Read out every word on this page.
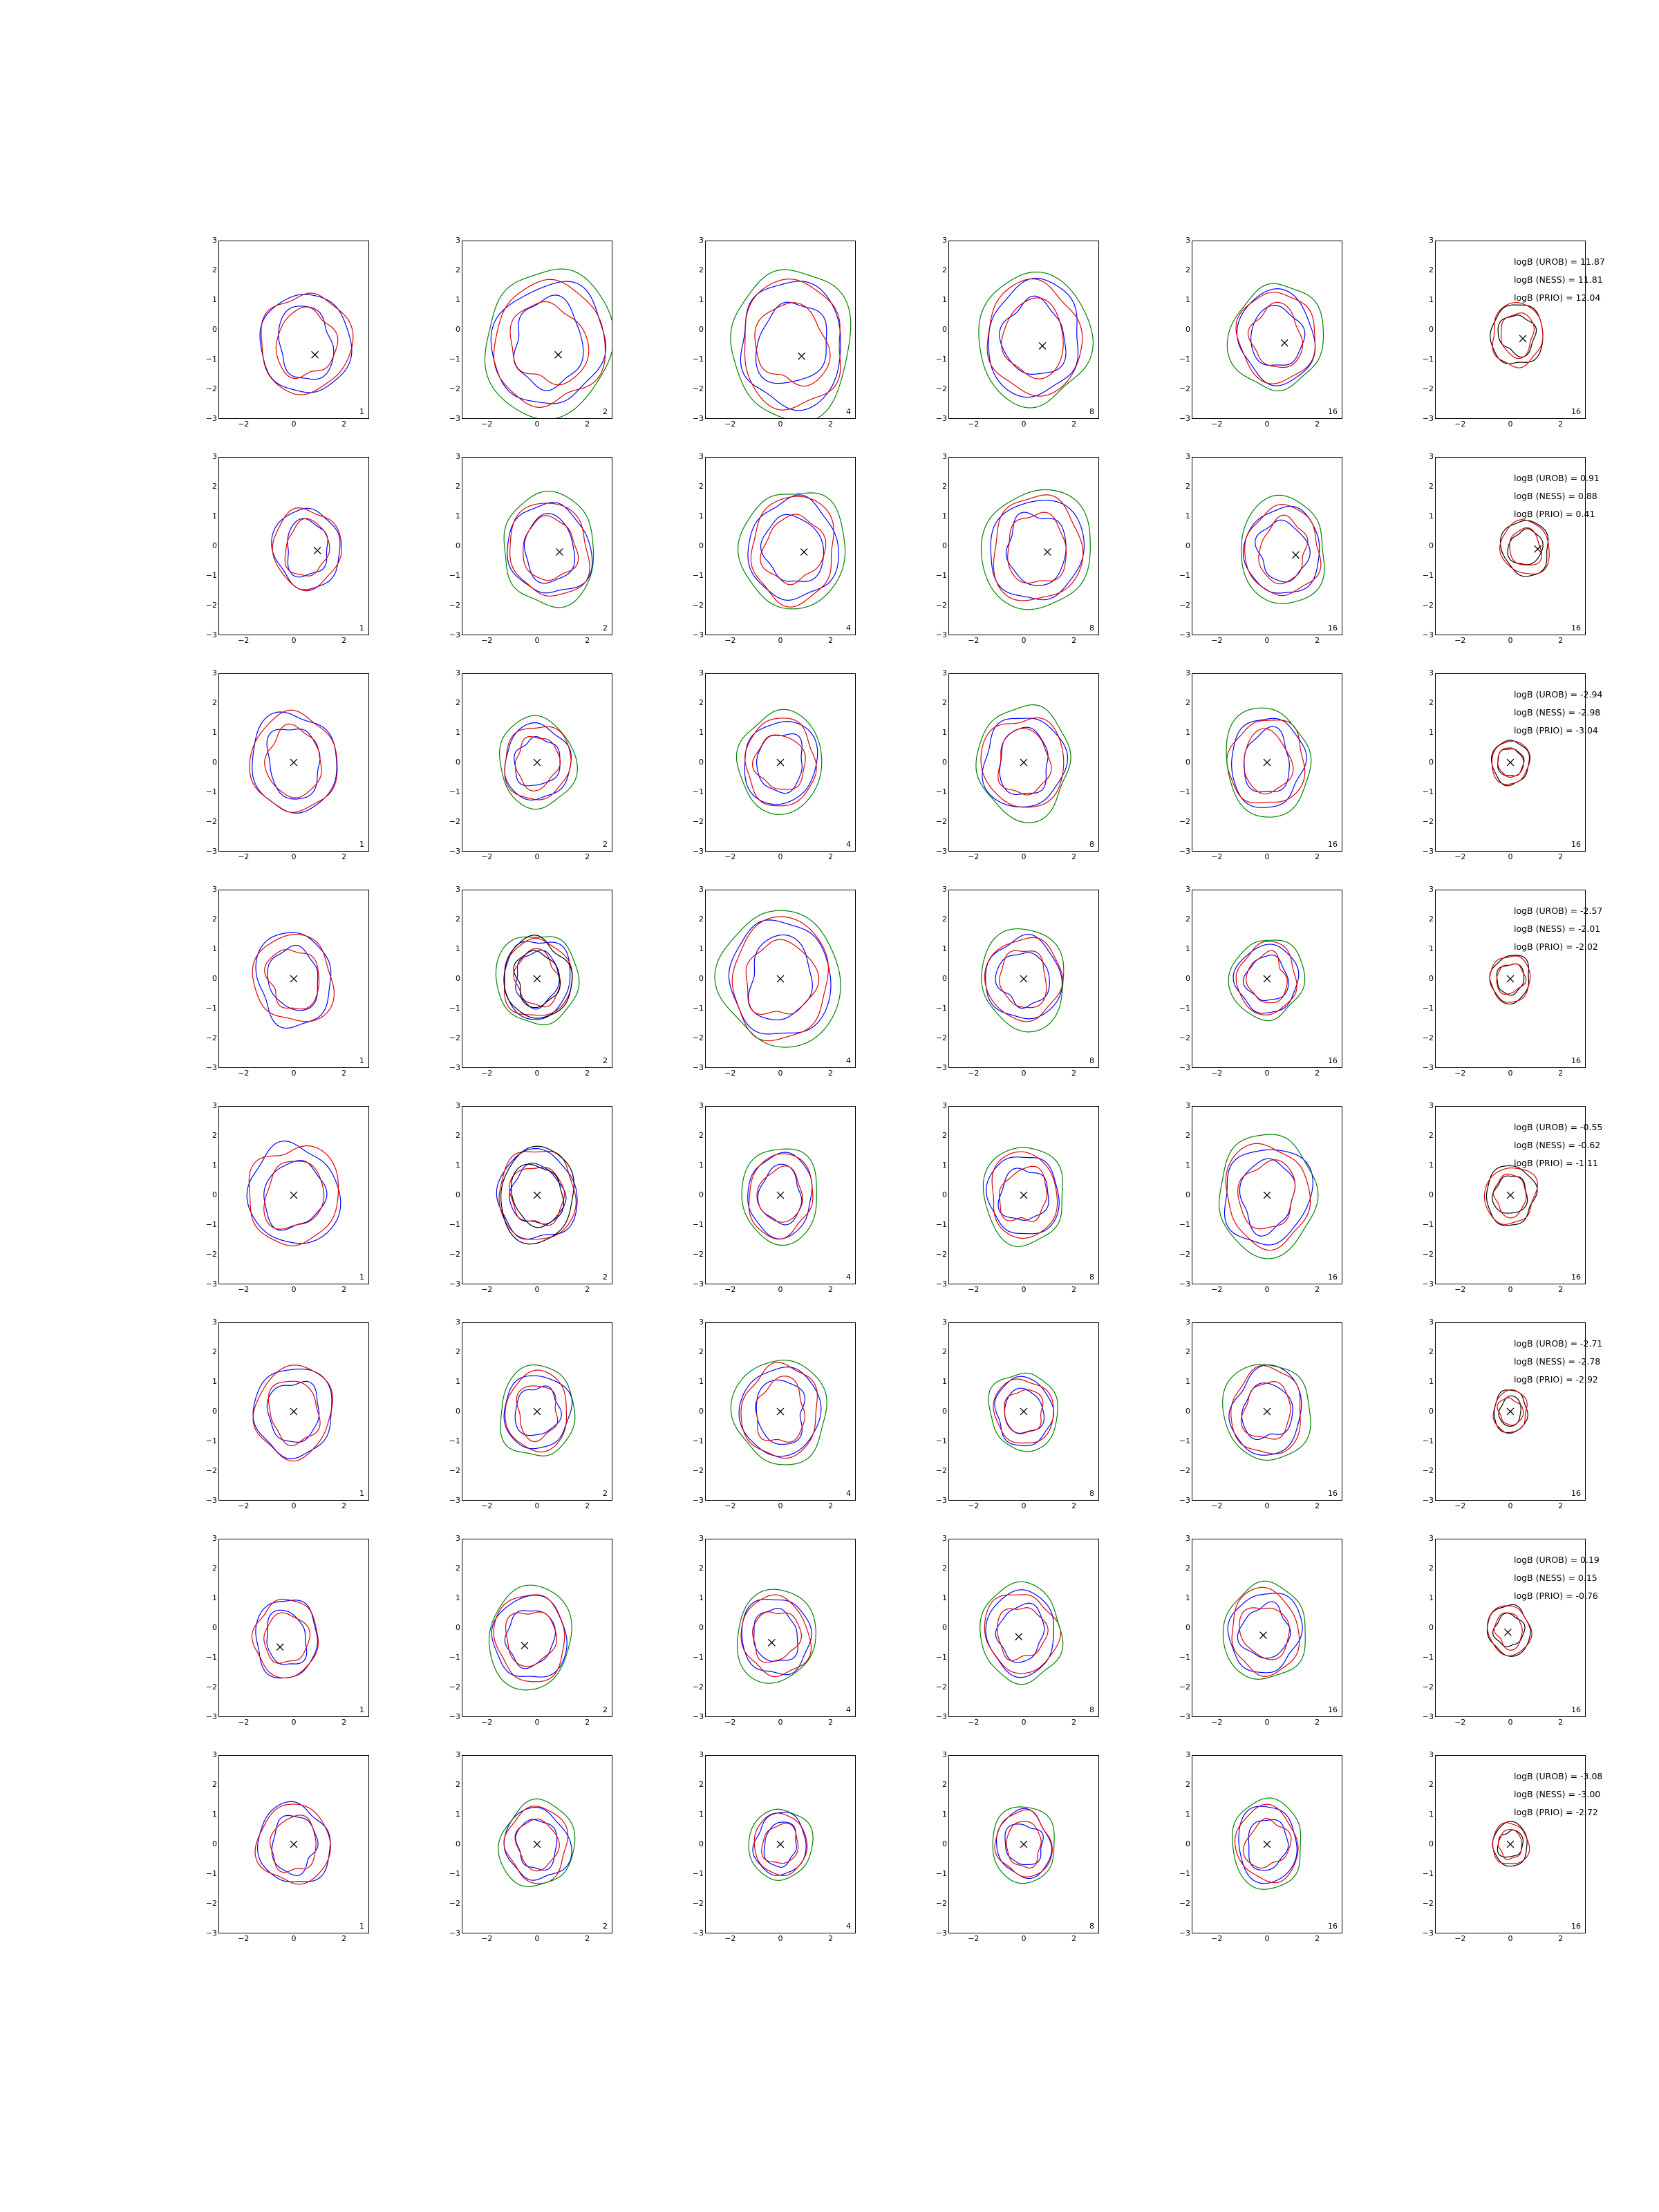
−3
−2
−1
0
1
2
3
1
−2	0	2
−3
−2
−1
0
1
2
3
2
−2	0	2
−3
−2
−1
0
1
2
3
4
−2	0	2
−3
−2
−1
0
1
2
3
8
−2	0	2
−3
−2
−1
0
1
2
3
16
−2	0	2
−3
−2
−1
0
1
2
3
16
−2	0	2
logB (UROB) = 11.87
logB (NESS) = 11.81
logB (PRIO) = 12.04
−3
−2
−1
0
1
2
3
1
−2	0	2
−3
−2
−1
0
1
2
3
2
−2	0	2
−3
−2
−1
0
1
2
3
4
−2	0	2
−3
−2
−1
0
1
2
3
8
−2	0	2
−3
−2
−1
0
1
2
3
16
−2	0	2
−3
−2
−1
0
1
2
3
16
−2	0	2
logB (UROB) = 0.91
logB (NESS) = 0.88
logB (PRIO) = 0.41
−3
−2
−1
0
1
2
3
1
−2	0	2
−3
−2
−1
0
1
2
3
2
−2	0	2
−3
−2
−1
0
1
2
3
4
−2	0	2
−3
−2
−1
0
1
2
3
8
−2	0	2
−3
−2
−1
0
1
2
3
16
−2	0	2
−3
−2
−1
0
1
2
3
16
−2	0	2
logB (UROB) = -2.94
logB (NESS) = -2.98
logB (PRIO) = -3.04
−3
−2
−1
0
1
2
3
1
−2	0	2
−3
−2
−1
0
1
2
3
2
−2	0	2
−3
−2
−1
0
1
2
3
4
−2	0	2
−3
−2
−1
0
1
2
3
8
−2	0	2
−3
−2
−1
0
1
2
3
16
−2	0	2
−3
−2
−1
0
1
2
3
16
−2	0	2
logB (UROB) = -2.57
logB (NESS) = -2.01
logB (PRIO) = -2.02
−3
−2
−1
0
1
2
3
1
−2	0	2
−3
−2
−1
0
1
2
3
2
−2	0	2
−3
−2
−1
0
1
2
3
4
−2	0	2
−3
−2
−1
0
1
2
3
8
−2	0	2
−3
−2
−1
0
1
2
3
16
−2	0	2
−3
−2
−1
0
1
2
3
16
−2	0	2
logB (UROB) = -0.55
logB (NESS) = -0.62
logB (PRIO) = -1.11
−3
−2
−1
0
1
2
3
1
−2	0	2
−3
−2
−1
0
1
2
3
2
−2	0	2
−3
−2
−1
0
1
2
3
4
−2	0	2
−3
−2
−1
0
1
2
3
8
−2	0	2
−3
−2
−1
0
1
2
3
16
−2	0	2
−3
−2
−1
0
1
2
3
16
−2	0	2
logB (UROB) = -2.71
logB (NESS) = -2.78
logB (PRIO) = -2.92
−3
−2
−1
0
1
2
3
1
−2	0	2
−3
−2
−1
0
1
2
3
2
−2	0	2
−3
−2
−1
0
1
2
3
4
−2	0	2
−3
−2
−1
0
1
2
3
8
−2	0	2
−3
−2
−1
0
1
2
3
16
−2	0	2
−3
−2
−1
0
1
2
3
16
−2	0	2
logB (UROB) = 0.19
logB (NESS) = 0.15
logB (PRIO) = -0.76
−3
−2
−1
0
1
2
3
1
−2	0	2
−3
−2
−1
0
1
2
3
2
−2	0	2
−3
−2
−1
0
1
2
3
4
−2	0	2
−3
−2
−1
0
1
2
3
8
−2	0	2
−3
−2
−1
0
1
2
3
16
−2	0	2
−3
−2
−1
0
1
2
3
16
−2	0	2
logB (UROB) = -3.08
logB (NESS) = -3.00
logB (PRIO) = -2.72
